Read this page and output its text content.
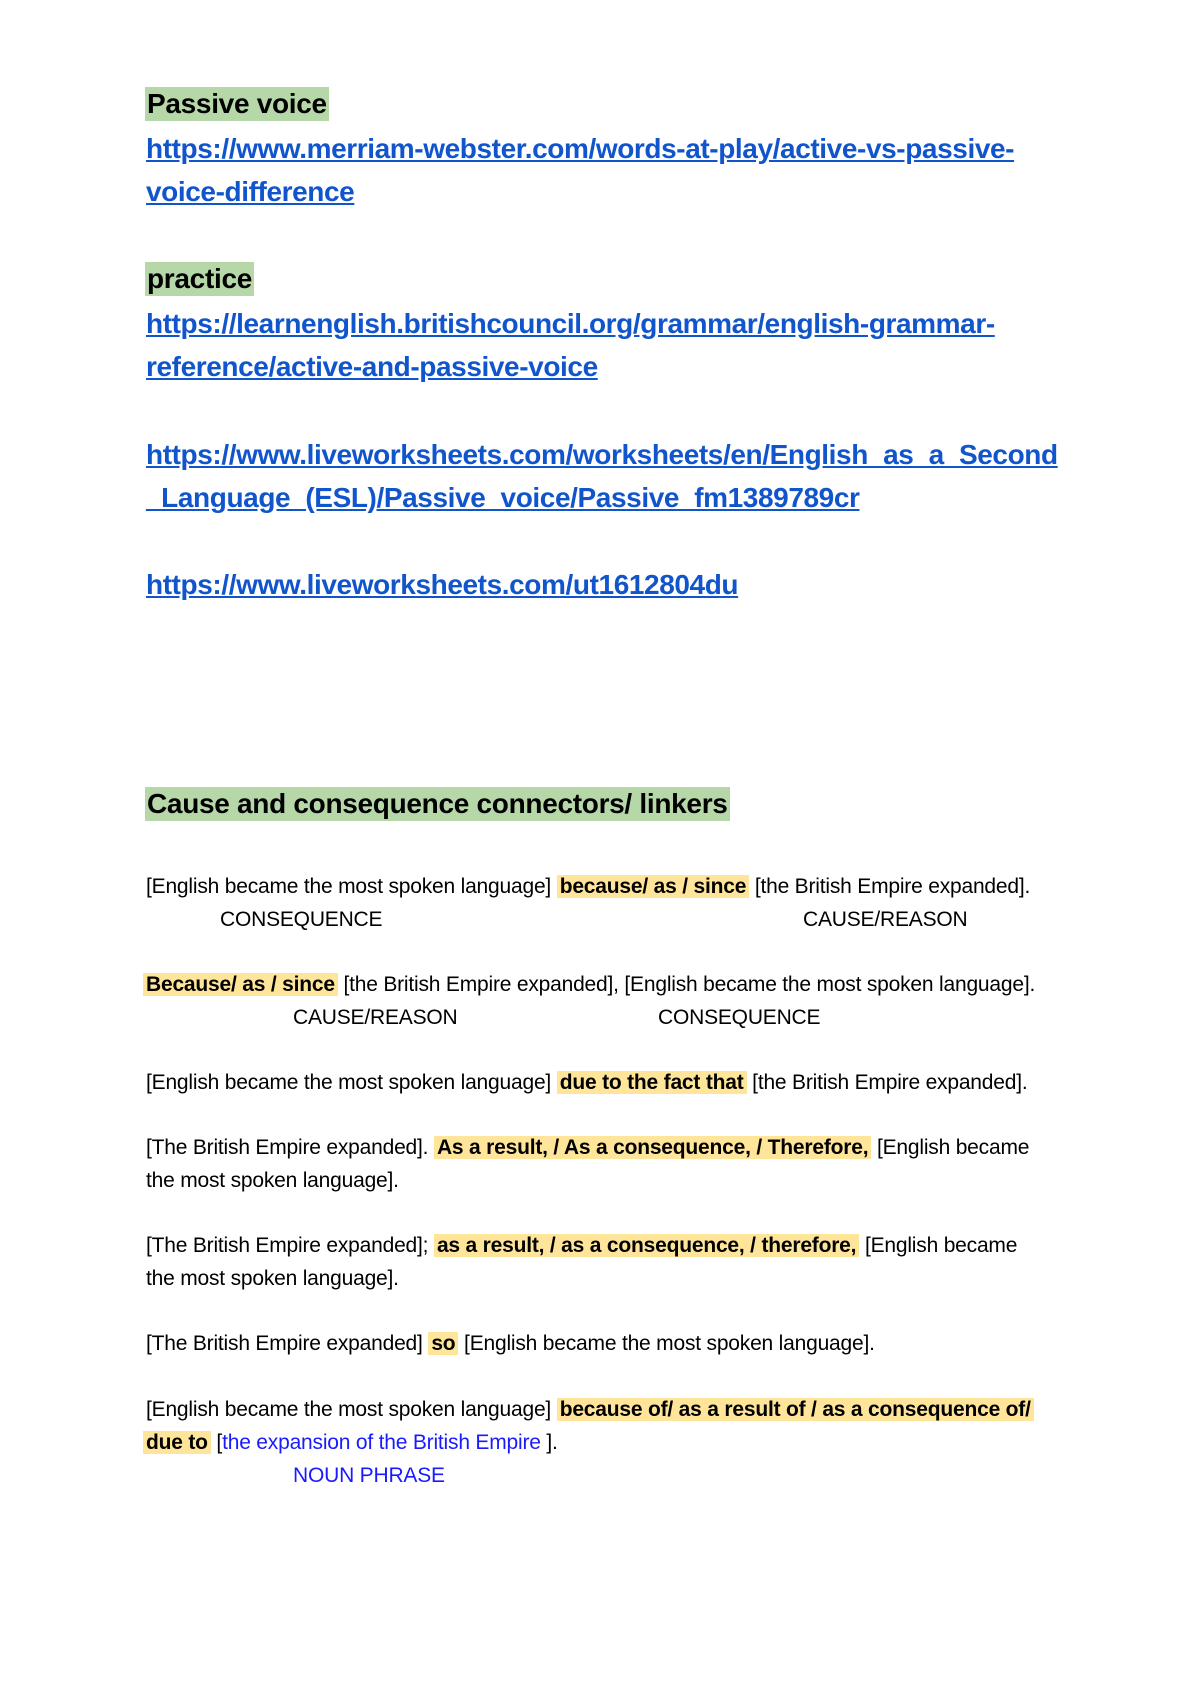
Passive voice
https://www.merriam-webster.com/words-at-play/active-vs-passive-
voice-difference
practice
https://learnenglish.britishcouncil.org/grammar/english-grammar-
reference/active-and-passive-voice
https://www.liveworksheets.com/worksheets/en/English_as_a_Second
_Language_(ESL)/Passive_voice/Passive_fm1389789cr
https://www.liveworksheets.com/ut1612804du
Cause and consequence connectors/ linkers
[English became the most spoken language] because/ as / since [the British Empire expanded].
CONSEQUENCE	CAUSE/REASON
Because/ as / since [the British Empire expanded], [English became the most spoken language].
CAUSE/REASON	CONSEQUENCE
[English became the most spoken language] due to the fact that [the British Empire expanded].
[The British Empire expanded]. As a result, / As a consequence, / Therefore, [English became
the most spoken language].
[The British Empire expanded]; as a result, / as a consequence, / therefore, [English became
the most spoken language].
[The British Empire expanded] so [English became the most spoken language].
[English became the most spoken language] because of/ as a result of / as a consequence of/
due to [the expansion of the British Empire ].
NOUN PHRASE
